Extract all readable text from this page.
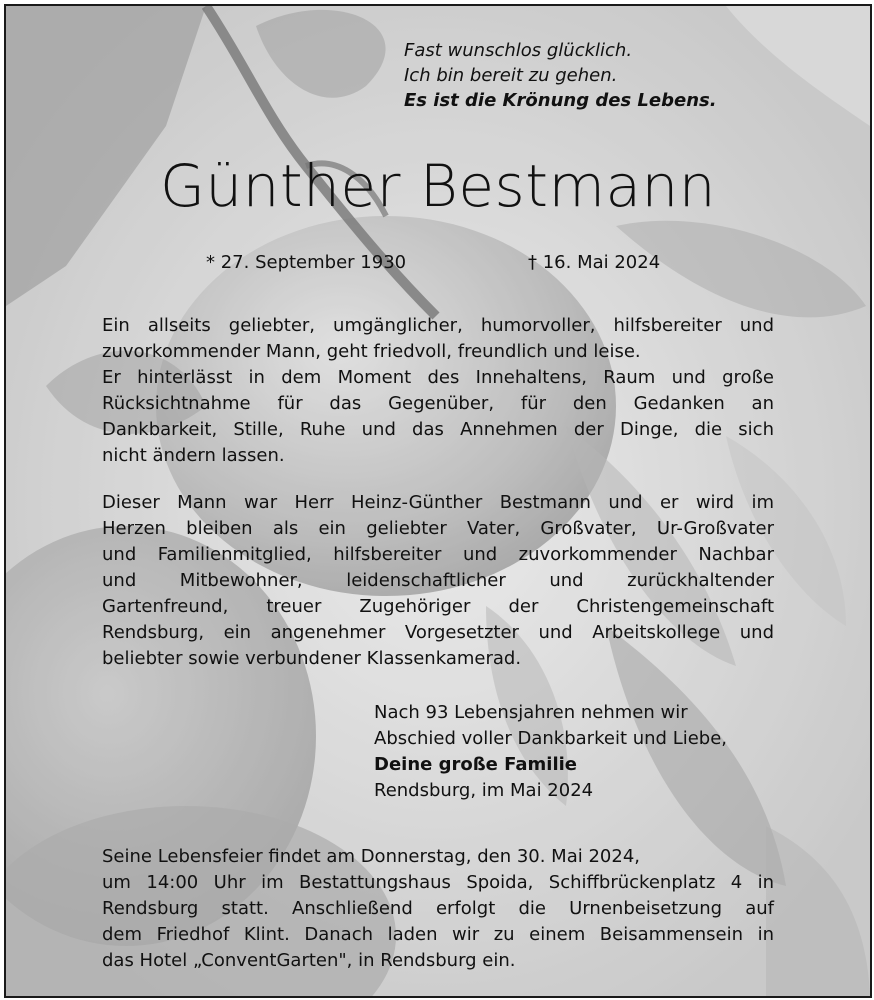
Fast wunschlos glücklich.
Ich bin bereit zu gehen.
Es ist die Krönung des Lebens.
Günther Bestmann
* 27. September 1930	† 16. Mai 2024
Ein allseits geliebter, umgänglicher, humorvoller, hilfsbereiter und
zuvorkommender Mann, geht friedvoll, freundlich und leise.
Er hinterlässt in dem Moment des Innehaltens, Raum und große
Rücksichtnahme für das Gegenüber, für den Gedanken an
Dankbarkeit, Stille, Ruhe und das Annehmen der Dinge, die sich
nicht ändern lassen.
Dieser Mann war Herr Heinz-Günther Bestmann und er wird im
Herzen bleiben als ein geliebter Vater, Großvater, Ur-Großvater
und Familienmitglied, hilfsbereiter und zuvorkommender Nachbar
und Mitbewohner, leidenschaftlicher und zurückhaltender
Gartenfreund, treuer Zugehöriger der Christengemeinschaft
Rendsburg, ein angenehmer Vorgesetzter und Arbeitskollege und
beliebter sowie verbundener Klassenkamerad.
Nach 93 Lebensjahren nehmen wir
Abschied voller Dankbarkeit und Liebe,
Deine große Familie
Rendsburg, im Mai 2024
Seine Lebensfeier findet am Donnerstag, den 30. Mai 2024,
um 14:00 Uhr im Bestattungshaus Spoida, Schiffbrückenplatz 4 in
Rendsburg statt. Anschließend erfolgt die Urnenbeisetzung auf
dem Friedhof Klint. Danach laden wir zu einem Beisammensein in
das Hotel „ConventGarten", in Rendsburg ein.
